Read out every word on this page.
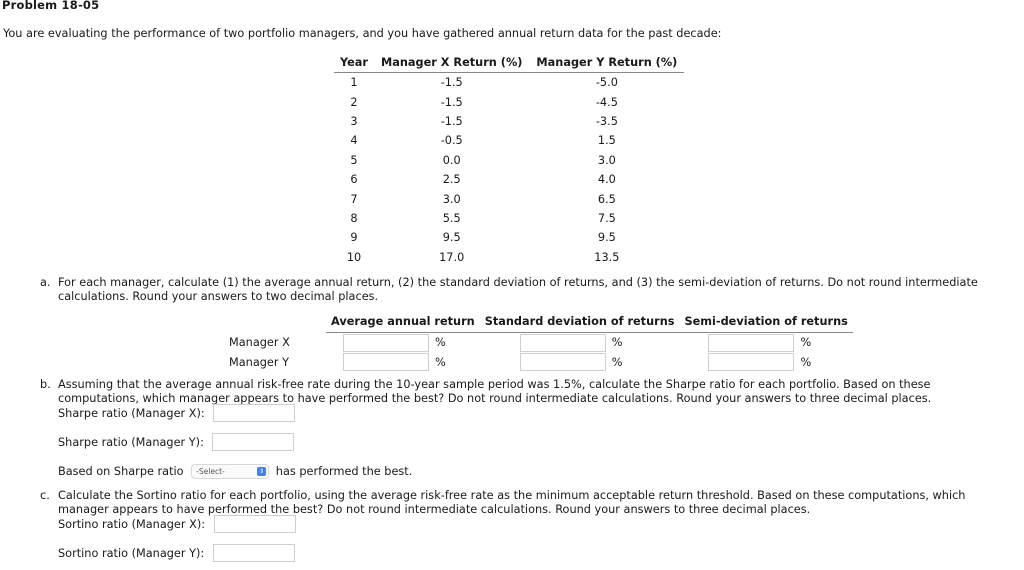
Problem 18-05
You are evaluating the performance of two portfolio managers, and you have gathered annual return data for the past decade:
Year	Manager X Return (%)	Manager Y Return (%)
1	-1.5	-5.0
2	-1.5	-4.5
3	-1.5	-3.5
4	-0.5	1.5
5	0.0	3.0
6	2.5	4.0
7	3.0	6.5
8	5.5	7.5
9	9.5	9.5
10	17.0	13.5
a. For each manager, calculate (1) the average annual return, (2) the standard deviation of returns, and (3) the semi-deviation of returns. Do not round intermediate calculations. Round your answers to two decimal places.
	Average annual return	Standard deviation of returns	Semi-deviation of returns
Manager X	%	%	%
Manager Y	%	%	%
b. Assuming that the average annual risk-free rate during the 10-year sample period was 1.5%, calculate the Sharpe ratio for each portfolio. Based on these computations, which manager appears to have performed the best? Do not round intermediate calculations. Round your answers to three decimal places.
Sharpe ratio (Manager X):
Sharpe ratio (Manager Y):
Based on Sharpe ratio -Select-	⇕ has performed the best.
c. Calculate the Sortino ratio for each portfolio, using the average risk-free rate as the minimum acceptable return threshold. Based on these computations, which manager appears to have performed the best? Do not round intermediate calculations. Round your answers to three decimal places.
Sortino ratio (Manager X):
Sortino ratio (Manager Y):
